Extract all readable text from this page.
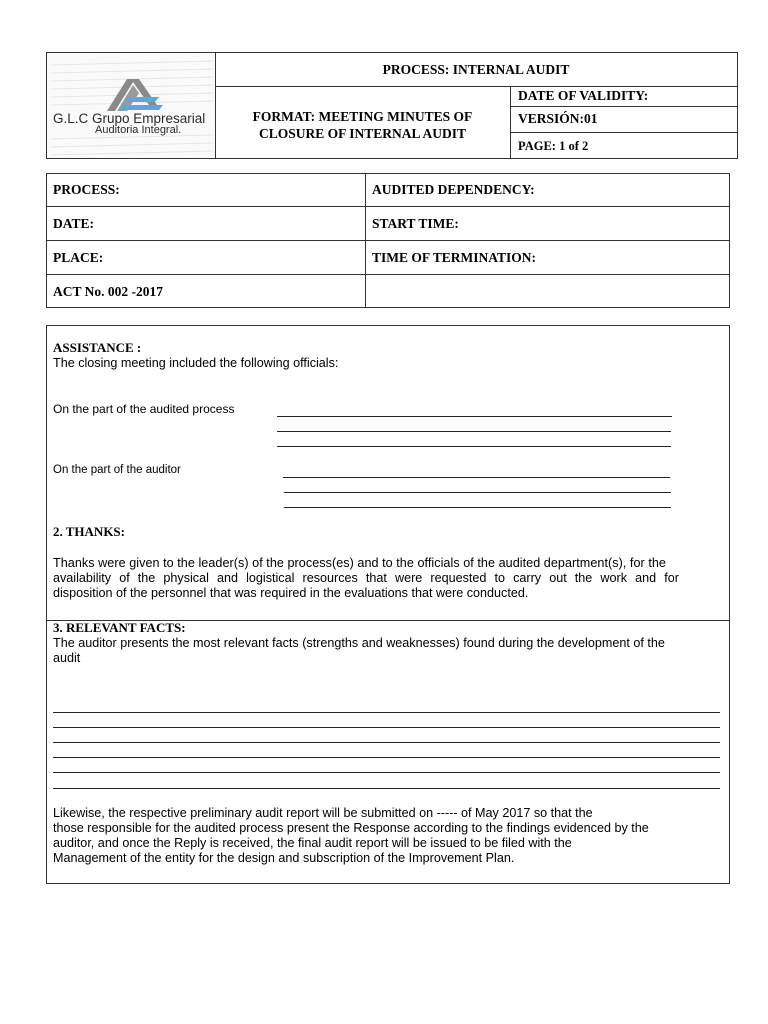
G.L.C Grupo Empresarial
Auditoria Integral.
PROCESS: INTERNAL AUDIT
FORMAT: MEETING MINUTES OF
CLOSURE OF INTERNAL AUDIT
DATE OF VALIDITY:
VERSIÓN:01
PAGE: 1 of 2
PROCESS:	AUDITED DEPENDENCY:
DATE:	START TIME:
PLACE:	TIME OF TERMINATION:
ACT No. 002 -2017
ASSISTANCE :
The closing meeting included the following officials:
On the part of the audited process
On the part of the auditor
2. THANKS:
Thanks were given to the leader(s) of the process(es) and to the officials of the audited department(s), for the
availability of the physical and logistical resources that were requested to carry out the work and for
disposition of the personnel that was required in the evaluations that were conducted.
3. RELEVANT FACTS:
The auditor presents the most relevant facts (strengths and weaknesses) found during the development of the
audit
Likewise, the respective preliminary audit report will be submitted on ----- of May 2017 so that the
those responsible for the audited process present the Response according to the findings evidenced by the
auditor, and once the Reply is received, the final audit report will be issued to be filed with the
Management of the entity for the design and subscription of the Improvement Plan.
